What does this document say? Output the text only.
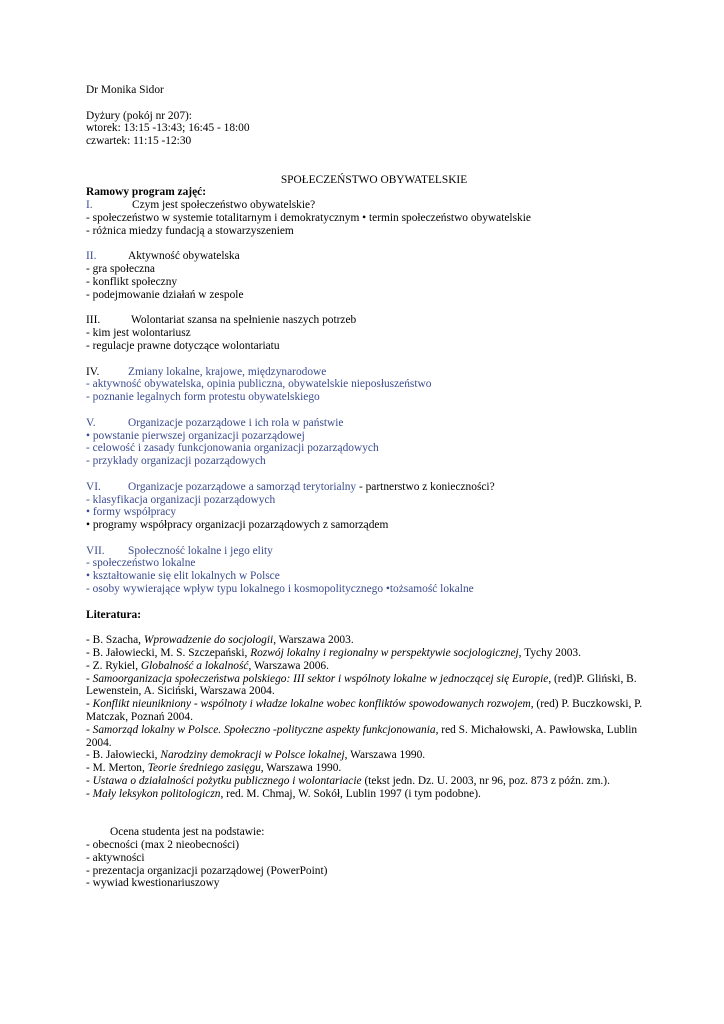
Dr Monika Sidor
Dyżury (pokój nr 207):
wtorek: 13:15 -13:43; 16:45 - 18:00
czwartek: 11:15 -12:30
SPOŁECZEŃSTWO OBYWATELSKIE
Ramowy program zajęć:
I.	Czym jest społeczeństwo obywatelskie?
- społeczeństwo w systemie totalitarnym i demokratycznym • termin społeczeństwo obywatelskie
- różnica miedzy fundacją a stowarzyszeniem
II.	Aktywność obywatelska
- gra społeczna
- konflikt społeczny
- podejmowanie działań w zespole
III.	Wolontariat szansa na spełnienie naszych potrzeb
- kim jest wolontariusz
- regulacje prawne dotyczące wolontariatu
IV.	Zmiany lokalne, krajowe, międzynarodowe
- aktywność obywatelska, opinia publiczna, obywatelskie nieposłuszeństwo
- poznanie legalnych form protestu obywatelskiego
V.	Organizacje pozarządowe i ich rola w państwie
• powstanie pierwszej organizacji pozarządowej
- celowość i zasady funkcjonowania organizacji pozarządowych
- przykłady organizacji pozarządowych
VI. Organizacje pozarządowe a samorząd terytorialny - partnerstwo z konieczności?
- klasyfikacja organizacji pozarządowych
• formy współpracy
• programy współpracy organizacji pozarządowych z samorządem
VII. Społeczność lokalne i jego elity
- społeczeństwo lokalne
• kształtowanie się elit lokalnych w Polsce
- osoby wywierające wpływ typu lokalnego i kosmopolitycznego •tożsamość lokalne
Literatura:
- B. Szacha, Wprowadzenie do socjologii, Warszawa 2003.
- B. Jałowiecki, M. S. Szczepański, Rozwój lokalny i regionalny w perspektywie socjologicznej, Tychy 2003.
- Z. Rykiel, Globalność a lokalność, Warszawa 2006.
- Samoorganizacja społeczeństwa polskiego: III sektor i wspólnoty lokalne w jednoczącej się Europie, (red)P. Gliński, B. Lewenstein, A. Siciński, Warszawa 2004.
- Konflikt nieunikniony - wspólnoty i władze lokalne wobec konfliktów spowodowanych rozwojem, (red) P. Buczkowski, P. Matczak, Poznań 2004.
- Samorząd lokalny w Polsce. Społeczno -polityczne aspekty funkcjonowania, red S. Michałowski, A. Pawłowska, Lublin 2004.
- B. Jałowiecki, Narodziny demokracji w Polsce lokalnej, Warszawa 1990.
- M. Merton, Teorie średniego zasięgu, Warszawa 1990.
- Ustawa o działalności pożytku publicznego i wolontariacie (tekst jedn. Dz. U. 2003, nr 96, poz. 873 z późn. zm.).
- Mały leksykon politologiczn, red. M. Chmaj, W. Sokół, Lublin 1997 (i tym podobne).
Ocena studenta jest na podstawie:
- obecności (max 2 nieobecności)
- aktywności
- prezentacja organizacji pozarządowej (PowerPoint)
- wywiad kwestionariuszowy
